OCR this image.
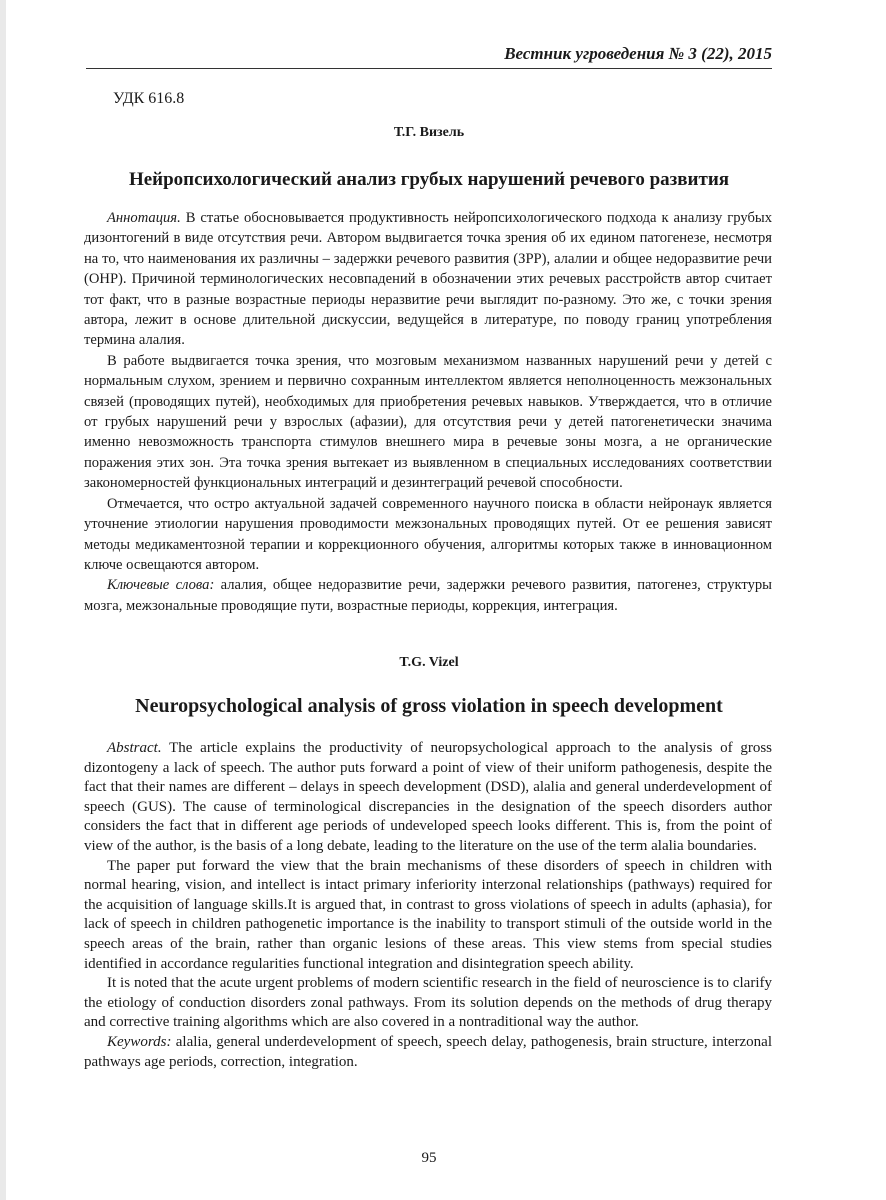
Вестник угроведения № 3 (22), 2015
УДК 616.8
Т.Г. Визель
Нейропсихологический анализ грубых нарушений речевого развития

Аннотация. В статье обосновывается продуктивность нейропсихологического подхода к анализу грубых дизонтогений в виде отсутствия речи. Автором выдвигается точка зрения об их едином патогенезе, несмотря на то, что наименования их различны – задержки речевого развития (ЗРР), алалии и общее недоразвитие речи (ОНР). Причиной терминологических несовпадений в обозначении этих речевых расстройств автор считает тот факт, что в разные возрастные периоды неразвитие речи выглядит по-разному. Это же, с точки зрения автора, лежит в основе длительной дискуссии, ведущейся в литературе, по поводу границ употребления термина алалия.

В работе выдвигается точка зрения, что мозговым механизмом названных нарушений речи у детей с нормальным слухом, зрением и первично сохранным интеллектом является неполноценность межзональных связей (проводящих путей), необходимых для приобретения речевых навыков. Утверждается, что в отличие от грубых нарушений речи у взрослых (афазии), для отсутствия речи у детей патогенетически значима именно невозможность транспорта стимулов внешнего мира в речевые зоны мозга, а не органические поражения этих зон. Эта точка зрения вытекает из выявленном в специальных исследованиях соответствии закономерностей функциональных интеграций и дезинтеграций речевой способности.

Отмечается, что остро актуальной задачей современного научного поиска в области нейронаук является уточнение этиологии нарушения проводимости межзональных проводящих путей. От ее решения зависят методы медикаментозной терапии и коррекционного обучения, алгоритмы которых также в инновационном ключе освещаются автором.

Ключевые слова: алалия, общее недоразвитие речи, задержки речевого развития, патогенез, структуры мозга, межзональные проводящие пути, возрастные периоды, коррекция, интеграция.

T.G. Vizel
Neuropsychological analysis of gross violation in speech development

Abstract. The article explains the productivity of neuropsychological approach to the analysis of gross dizontogeny a lack of speech. The author puts forward a point of view of their uniform pathogenesis, despite the fact that their names are different – delays in speech development (DSD), alalia and general underdevelopment of speech (GUS). The cause of terminological discrepancies in the designation of the speech disorders author considers the fact that in different age periods of undeveloped speech looks different. This is, from the point of view of the author, is the basis of a long debate, leading to the literature on the use of the term alalia boundaries.

The paper put forward the view that the brain mechanisms of these disorders of speech in children with normal hearing, vision, and intellect is intact primary inferiority interzonal relationships (pathways) required for the acquisition of language skills.It is argued that, in contrast to gross violations of speech in adults (aphasia), for lack of speech in children pathogenetic importance is the inability to transport stimuli of the outside world in the speech areas of the brain, rather than organic lesions of these areas. This view stems from special studies identified in accordance regularities functional integration and disintegration speech ability.

It is noted that the acute urgent problems of modern scientific research in the field of neuroscience is to clarify the etiology of conduction disorders zonal pathways. From its solution depends on the methods of drug therapy and corrective training algorithms which are also covered in a nontraditional way the author.

Keywords: alalia, general underdevelopment of speech, speech delay, pathogenesis, brain structure, interzonal pathways age periods, correction, integration.

95
